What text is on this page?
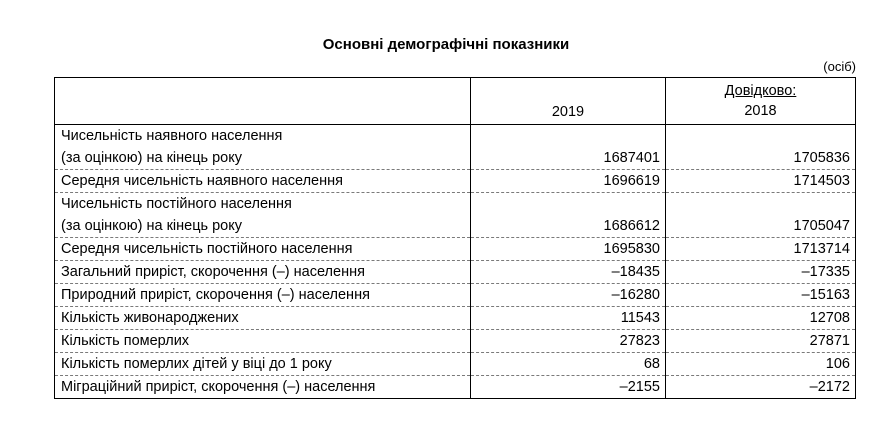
Основні демографічні показники
(осіб)
	2019	Довідково:
2018

Чисельність наявного населення
(за оцінкою) на кінець року	1687401	1705836

Середня чисельність наявного населення	1696619	1714503

Чисельність постійного населення
(за оцінкою) на кінець року	1686612	1705047

Середня чисельність постійного населення	1695830	1713714

Загальний приріст, скорочення (–) населення	–18435	–17335

Природний приріст, скорочення (–) населення	–16280	–15163

Кількість живонароджених	11543	12708

Кількість померлих	27823	27871

Кількість померлих дітей у віці до 1 року	68	106

Міграційний приріст, скорочення (–) населення	–2155	–2172
